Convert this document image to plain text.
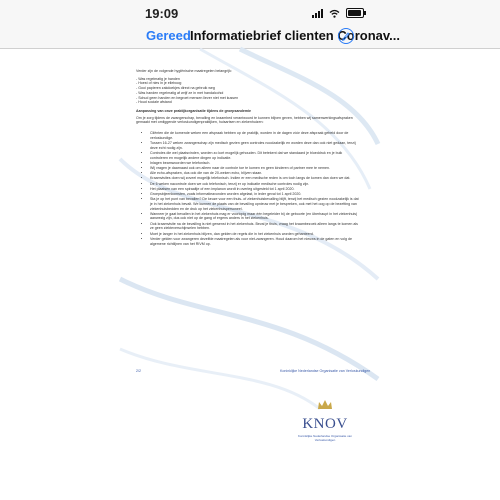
19:09
Gereed Informatiebrief clienten Coronav...

Verder zijn de volgende hygiënische maatregelen belangrijk:

- Was regelmatig je handen
- Hoest of nies in je elleboog
- Gooi papieren zakdoekjes direct na gebruik weg
- Was handen regelmatig af wrijf ze in met handalcohol
- Schud geen handen en begroet mensen liever niet met kussen
- Houd sociale afstand
Aanpassing van onze praktijkorganisatie tijdens de groepsandemie

Om je zorg tijdens de zwangerschap, bevalling en kraambed verantwoord te kunnen blijven geven, hebben wij samenwerkingsafspraken gemaakt met omliggende verloskundigenpraktijken, huisartsen en ziekenhuizen:

• Cliënten die de komende weken een afspraak hebben op de praktijk, worden in de dagen vóór deze afspraak gebeld door de verloskundige.
• Tussen 16-27 weken zwangerschap zijn medisch gezien geen controles noodzakelijk en worden deze dan ook niet gedaan, tenzij deze echt nodig zijn.
• Controles die wel plaatsvinden, worden zo kort mogelijk gehouden. Dit betekent dat we standaard je bloeddruk en je buik controleren en mogelijk andere dingen op indicatie.
• Inlagen beamwoorden we telefonisch.
• Wij vragen je daarnaast ook om alleen naar de controle toe te komen en geen kinderen of partner mee te nemen.
• Alle echo-afspraken, dus ook die van de 20-weken echo, blijven staan.
• Kraamvisites doen wij zoveel mogelijk telefonisch. Indien er een medische reden is om toch langs de komen dan doen we dat.
• De 6 weken nacontrole doen we ook telefonisch, tenzij er op indicatie medische controles nodig zijn.
• Het plaatsen van een spiraaltje of een implanon wordt in overleg uitgesteld tot 1 april 2020.
• Groepsbijeenkomsten, zoals informatieavonden worden afgelast, in ieder geval tot 1 april 2020.
• Sta je op het punt van bevallen? De keuze voor een thuis- of ziekenhuisbevalling blijft, tenzij het medisch gezien noodzakelijk is dat je in het ziekenhuis bevalt. We kunnen de plaats van de bevalling opnieuw met je bespreken, ook met het oog op de bezetting van ziekenhuisbedden en de druk op het ziekenhuispersoneel.
• Wanneer je gaat bevallen in het ziekenhuis mag er voorlopig maar één begeleider bij de geboorte (en überhaupt in het ziekenhuis) aanwezig zijn, dus ook niet op de gang of ergens anders in het ziekenhuis.
• Ook kraamvisite na de bevalling is niet gewenst in het ziekenhuis. Beval je thuis, vraag het kraambezoek alleen langs te komen als ze geen ziekteverschijnselen hebben.
• Moet je langer in het ziekenhuis blijven, dan gelden de regels die in het ziekenhuis worden gehanteerd.
• Verder gelden voor zwangeren dezelfde maatregelen als voor niet-zwangeren. Houd daarom het nieuws in de gaten en volg de algemene richtlijnen van het RIVM op.
2/2	Koninklijke Nederlandse Organisatie van Verloskundigen
KNOV
Koninklijke Nederlandse Organisatie van Verloskundigen
